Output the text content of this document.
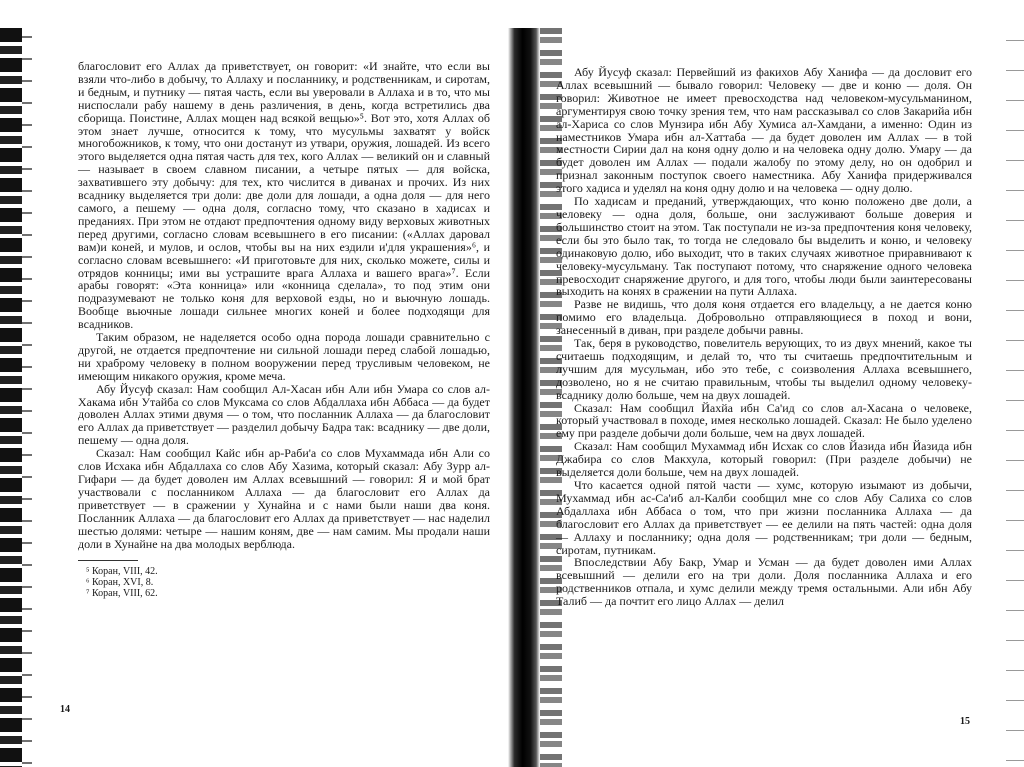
благословит его Аллах да приветствует, он говорит: «И знайте, что если вы взяли что-либо в добычу, то Аллаху и посланнику, и родственникам, и сиротам, и бедным, и путнику — пятая часть, если вы уверовали в Аллаха и в то, что мы ниспослали рабу нашему в день различения, в день, когда встретились два сборища. Поистине, Аллах мощен над всякой вещью»⁵. Вот это, хотя Аллах об этом знает лучше, относится к тому, что мусульмы захватят у войск многобожников, к тому, что они достанут из утвари, оружия, лошадей. Из всего этого выделяется одна пятая часть для тех, кого Аллах — великий он и славный — называет в своем славном писании, а четыре пятых — для войска, захватившего эту добычу: для тех, кто числится в диванах и прочих. Из них всаднику выделяется три доли: две доли для лошади, а одна доля — для него самого, а пешему — одна доля, согласно тому, что сказано в хадисах и преданиях. При этом не отдают предпочтения одному виду верховых животных перед другими, согласно словам всевышнего в его писании: («Аллах даровал вам)и коней, и мулов, и ослов, чтобы вы на них ездили и'для украшения»⁶, и согласно словам всевышнего: «И приготовьте для них, сколько можете, силы и отрядов конницы; ими вы устрашите врага Аллаха и вашего врага»⁷. Если арабы говорят: «Эта конница» или «конница сделала», то под этим они подразумевают не только коня для верховой езды, но и вьючную лошадь. Вообще вьючные лошади сильнее многих коней и более подходящи для всадников.

Таким образом, не наделяется особо одна порода лошади сравнительно с другой, не отдается предпочтение ни сильной лошади перед слабой лошадью, ни храброму человеку в полном вооружении перед трусливым человеком, не имеющим никакого оружия, кроме меча.

Абу Йусуф сказал: Нам сообщил Ал-Хасан ибн Али ибн Умара со слов ал-Хакама ибн Утайба со слов Муксама со слов Абдаллаха ибн Аббаса — да будет доволен Аллах этими двумя — о том, что посланник Аллаха — да благословит его Аллах да приветствует — разделил добычу Бадра так: всаднику — две доли, пешему — одна доля.

Сказал: Нам сообщил Кайс ибн ар-Раби'а со слов Мухаммада ибн Али со слов Исхака ибн Абдаллаха со слов Абу Хазима, который сказал: Абу Зурр ал-Гифари — да будет доволен им Аллах всевышний — говорил: Я и мой брат участвовали с посланником Аллаха — да благословит его Аллах да приветствует — в сражении у Хунайна и с нами были наши два коня. Посланник Аллаха — да благословит его Аллах да приветствует — нас наделил шестью долями: четыре — нашим коням, две — нам самим. Мы продали наши доли в Хунайне на два молодых верблюда.

⁵ Коран, VIII, 42.
⁶ Коран, XVI, 8.
⁷ Коран, VIII, 62.

Абу Йусуф сказал: Первейший из факихов Абу Ханифа — да дословит его Аллах всевышний — бывало говорил: Человеку — две и коню — доля. Он говорил: Животное не имеет превосходства над человеком-мусульманином, аргументируя свою точку зрения тем, что нам рассказывал со слов Закарийа ибн ал-Хариса со слов Мунзира ибн Абу Хумиса ал-Хамдани, а именно: Один из наместников Умара ибн ал-Хаттаба — да будет доволен им Аллах — в той местности Сирии дал на коня одну долю и на человека одну долю. Умару — да будет доволен им Аллах — подали жалобу по этому делу, но он одобрил и признал законным поступок своего наместника. Абу Ханифа придерживался этого хадиса и уделял на коня одну долю и на человека — одну долю.

По хадисам и преданий, утверждающих, что коню положено две доли, а человеку — одна доля, больше, они заслуживают больше доверия и большинство стоит на этом. Так поступали не из-за предпочтения коня человеку, если бы это было так, то тогда не следовало бы выделить и коню, и человеку одинаковую долю, ибо выходит, что в таких случаях животное приравнивают к человеку-мусульману. Так поступают потому, что снаряжение одного человека превосходит снаряжение другого, и для того, чтобы люди были заинтересованы выходить на конях в сражении на пути Аллаха.

Разве не видишь, что доля коня отдается его владельцу, а не дается коню помимо его владельца. Добровольно отправляющиеся в поход и вони, занесенный в диван, при разделе добычи равны.

Так, беря в руководство, повелитель верующих, то из двух мнений, какое ты считаешь подходящим, и делай то, что ты считаешь предпочтительным и лучшим для мусульман, ибо это тебе, с соизволения Аллаха всевышнего, дозволено, но я не считаю правильным, чтобы ты выделил одному человеку-всаднику долю больше, чем на двух лошадей.

Сказал: Нам сообщил Йахйа ибн Са'ид со слов ал-Хасана о человеке, который участвовал в походе, имея несколько лошадей. Сказал: Не было уделено ему при разделе добычи доли больше, чем на двух лошадей.

Сказал: Нам сообщил Мухаммад ибн Исхак со слов Йазида ибн Йазида ибн Джабира со слов Макхула, который говорил: (При разделе добычи) не выделяется доли больше, чем на двух лошадей.

Что касается одной пятой части — хумс, которую изымают из добычи, Мухаммад ибн ас-Са'иб ал-Калби сообщил мне со слов Абу Салиха со слов Абдаллаха ибн Аббаса о том, что при жизни посланника Аллаха — да благословит его Аллах да приветствует — ее делили на пять частей: одна доля — Аллаху и посланнику; одна доля — родственникам; три доли — бедным, сиротам, путникам.

Впоследствии Абу Бакр, Умар и Усман — да будет доволен ими Аллах всевышний — делили его на три доли. Доля посланника Аллаха и его родственников отпала, и хумс делили между тремя остальными. Али ибн Абу Талиб — да почтит его лицо Аллах — делил

14
15
